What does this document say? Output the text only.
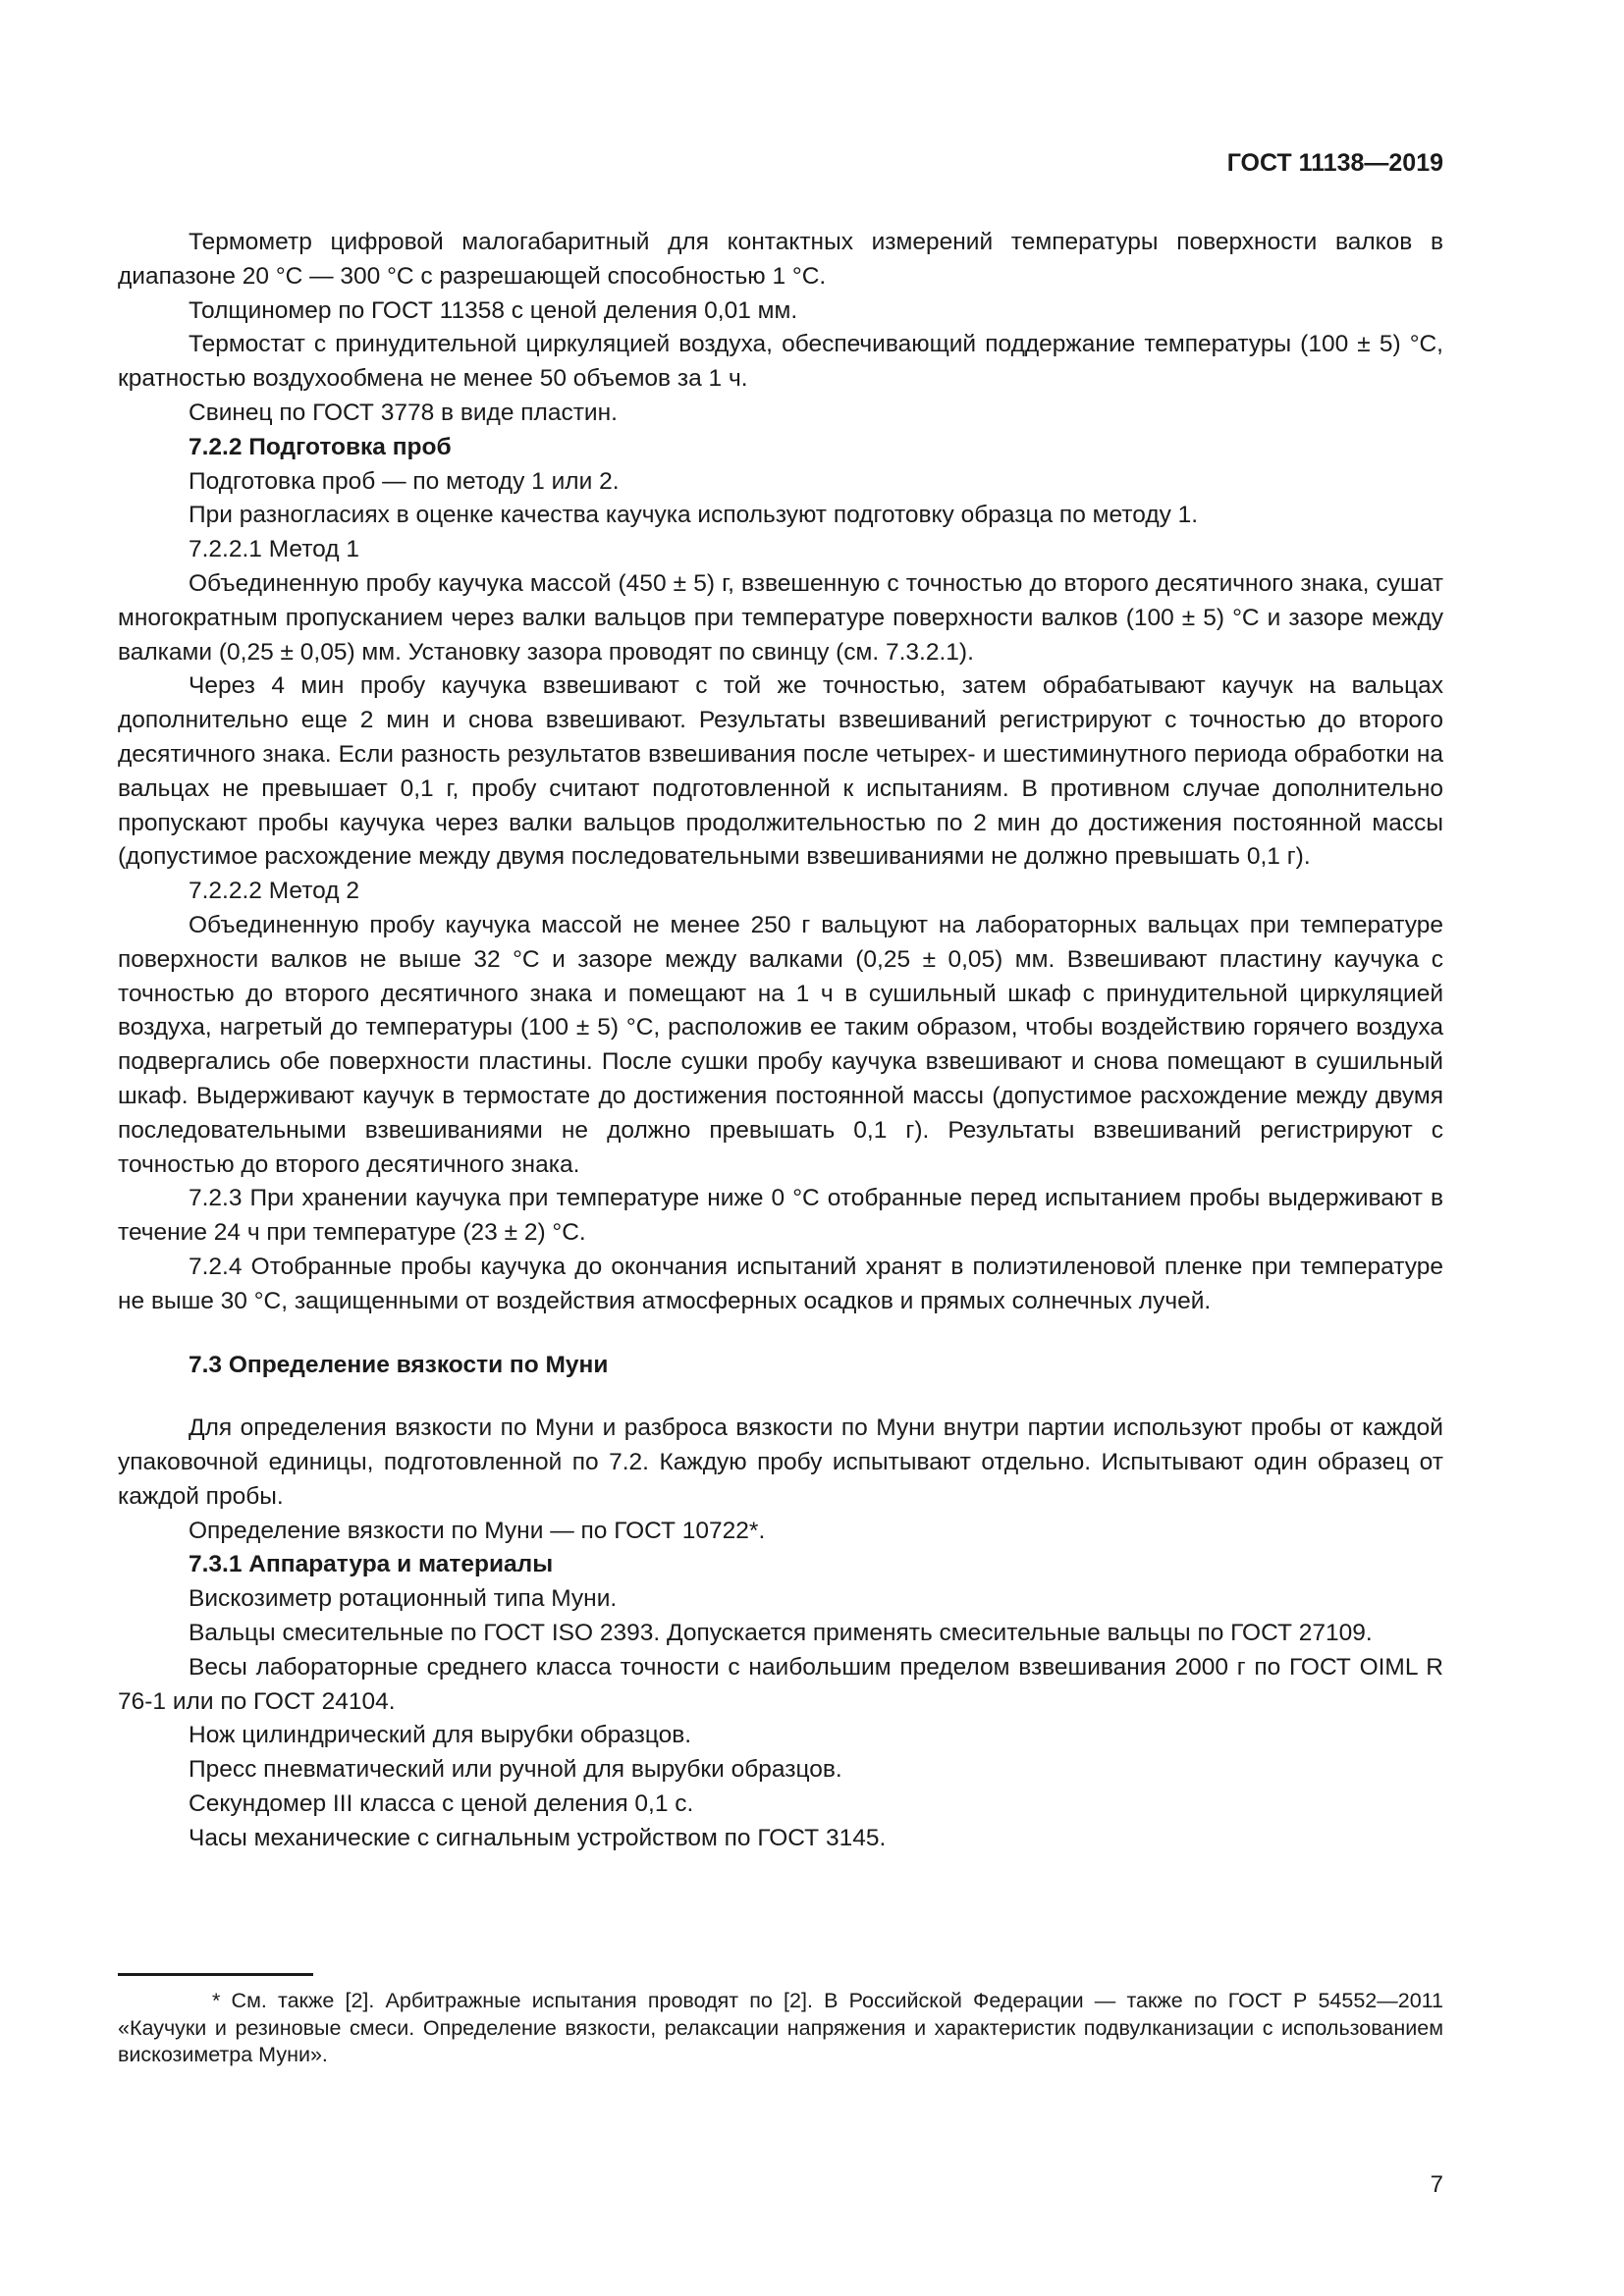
ГОСТ 11138—2019

Термометр цифровой малогабаритный для контактных измерений температуры поверхности валков в диапазоне 20 °С — 300 °С с разрешающей способностью 1 °С.

Толщиномер по ГОСТ 11358 с ценой деления 0,01 мм.

Термостат с принудительной циркуляцией воздуха, обеспечивающий поддержание температуры (100 ± 5) °С, кратностью воздухообмена не менее 50 объемов за 1 ч.

Свинец по ГОСТ 3778 в виде пластин.

7.2.2 Подготовка проб

Подготовка проб — по методу 1 или 2.

При разногласиях в оценке качества каучука используют подготовку образца по методу 1.

7.2.2.1 Метод 1

Объединенную пробу каучука массой (450 ± 5) г, взвешенную с точностью до второго десятичного знака, сушат многократным пропусканием через валки вальцов при температуре поверхности валков (100 ± 5) °С и зазоре между валками (0,25 ± 0,05) мм. Установку зазора проводят по свинцу (см. 7.3.2.1).

Через 4 мин пробу каучука взвешивают с той же точностью, затем обрабатывают каучук на вальцах дополнительно еще 2 мин и снова взвешивают. Результаты взвешиваний регистрируют с точностью до второго десятичного знака. Если разность результатов взвешивания после четырех- и шестиминутного периода обработки на вальцах не превышает 0,1 г, пробу считают подготовленной к испытаниям. В противном случае дополнительно пропускают пробы каучука через валки вальцов продолжительностью по 2 мин до достижения постоянной массы (допустимое расхождение между двумя последовательными взвешиваниями не должно превышать 0,1 г).

7.2.2.2 Метод 2

Объединенную пробу каучука массой не менее 250 г вальцуют на лабораторных вальцах при температуре поверхности валков не выше 32 °С и зазоре между валками (0,25 ± 0,05) мм. Взвешивают пластину каучука с точностью до второго десятичного знака и помещают на 1 ч в сушильный шкаф с принудительной циркуляцией воздуха, нагретый до температуры (100 ± 5) °С, расположив ее таким образом, чтобы воздействию горячего воздуха подвергались обе поверхности пластины. После сушки пробу каучука взвешивают и снова помещают в сушильный шкаф. Выдерживают каучук в термостате до достижения постоянной массы (допустимое расхождение между двумя последовательными взвешиваниями не должно превышать 0,1 г). Результаты взвешиваний регистрируют с точностью до второго десятичного знака.

7.2.3 При хранении каучука при температуре ниже 0 °С отобранные перед испытанием пробы выдерживают в течение 24 ч при температуре (23 ± 2) °С.

7.2.4 Отобранные пробы каучука до окончания испытаний хранят в полиэтиленовой пленке при температуре не выше 30 °С, защищенными от воздействия атмосферных осадков и прямых солнечных лучей.

7.3 Определение вязкости по Муни

Для определения вязкости по Муни и разброса вязкости по Муни внутри партии используют пробы от каждой упаковочной единицы, подготовленной по 7.2. Каждую пробу испытывают отдельно. Испытывают один образец от каждой пробы.

Определение вязкости по Муни — по ГОСТ 10722*.

7.3.1 Аппаратура и материалы

Вискозиметр ротационный типа Муни.

Вальцы смесительные по ГОСТ ISO 2393. Допускается применять смесительные вальцы по ГОСТ 27109.

Весы лабораторные среднего класса точности с наибольшим пределом взвешивания 2000 г по ГОСТ OIML R 76-1 или по ГОСТ 24104.

Нож цилиндрический для вырубки образцов.

Пресс пневматический или ручной для вырубки образцов.

Секундомер III класса с ценой деления 0,1 с.

Часы механические с сигнальным устройством по ГОСТ 3145.

* См. также [2]. Арбитражные испытания проводят по [2]. В Российской Федерации — также по ГОСТ Р 54552—2011 «Каучуки и резиновые смеси. Определение вязкости, релаксации напряжения и характеристик подвулканизации с использованием вискозиметра Муни».
7
